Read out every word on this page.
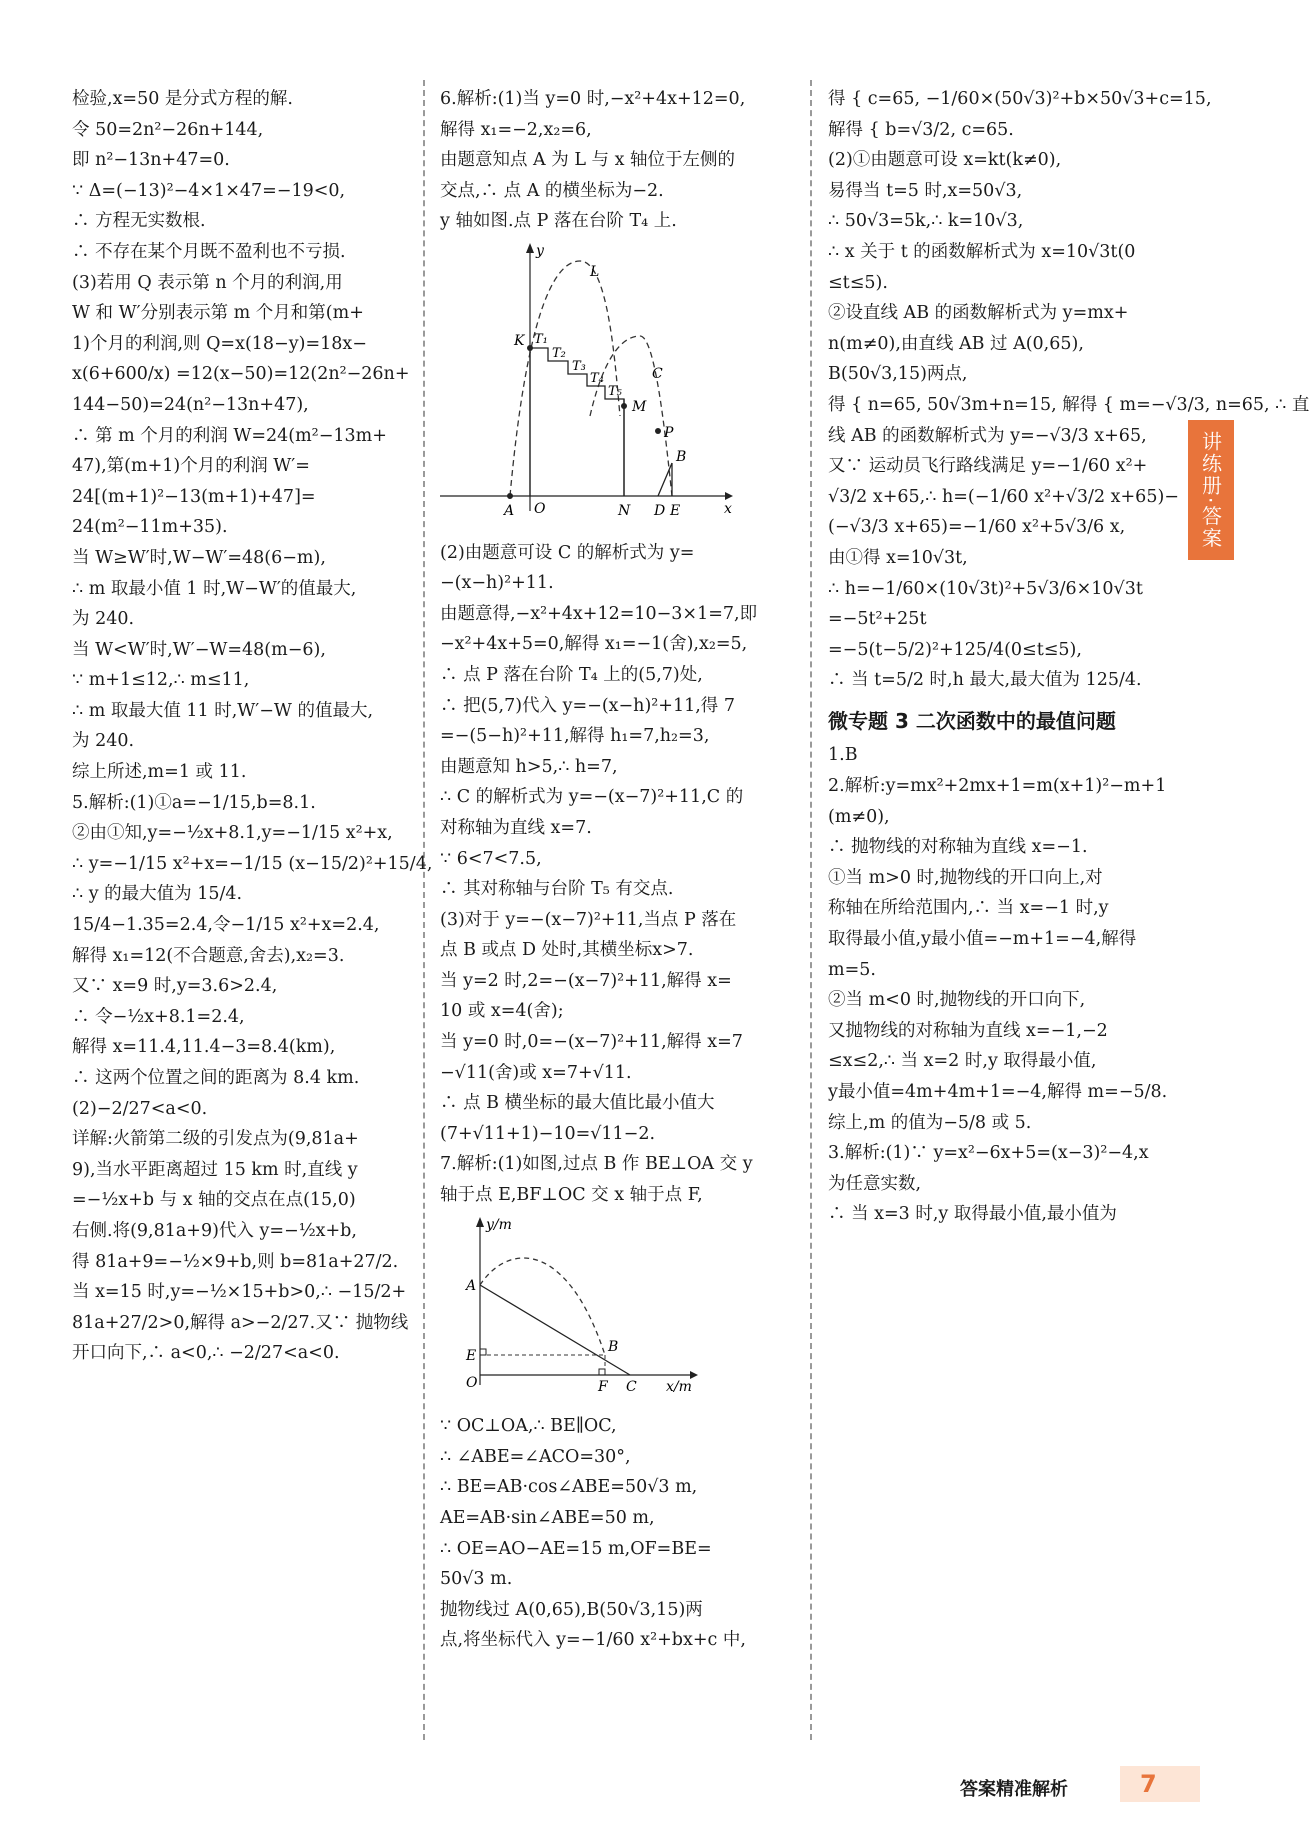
检验,x=50 是分式方程的解.
令 50=2n²−26n+144,
即 n²−13n+47=0.
∵ Δ=(−13)²−4×1×47=−19<0,
∴ 方程无实数根.
∴ 不存在某个月既不盈利也不亏损.
(3)若用 Q 表示第 n 个月的利润,用
W 和 W′分别表示第 m 个月和第(m+
1)个月的利润,则 Q=x(18−y)=18x−
x(6+600/x) =12(x−50)=12(2n²−26n+
144−50)=24(n²−13n+47),
∴ 第 m 个月的利润 W=24(m²−13m+
47),第(m+1)个月的利润 W′=
24[(m+1)²−13(m+1)+47]=
24(m²−11m+35).
当 W≥W′时,W−W′=48(6−m),
∴ m 取最小值 1 时,W−W′的值最大,
为 240.
当 W<W′时,W′−W=48(m−6),
∵ m+1≤12,∴ m≤11,
∴ m 取最大值 11 时,W′−W 的值最大,
为 240.
综上所述,m=1 或 11.
5.解析:(1)①a=−1/15,b=8.1.
②由①知,y=−½x+8.1,y=−1/15 x²+x,
∴ y=−1/15 x²+x=−1/15 (x−15/2)²+15/4,
∴ y 的最大值为 15/4.
15/4−1.35=2.4,令−1/15 x²+x=2.4,
解得 x₁=12(不合题意,舍去),x₂=3.
又∵ x=9 时,y=3.6>2.4,
∴ 令−½x+8.1=2.4,
解得 x=11.4,11.4−3=8.4(km),
∴ 这两个位置之间的距离为 8.4 km.
(2)−2/27<a<0.
详解:火箭第二级的引发点为(9,81a+
9),当水平距离超过 15 km 时,直线 y
=−½x+b 与 x 轴的交点在点(15,0)
右侧.将(9,81a+9)代入 y=−½x+b,
得 81a+9=−½×9+b,则 b=81a+27/2.
当 x=15 时,y=−½×15+b>0,∴ −15/2+
81a+27/2>0,解得 a>−2/27.又∵ 抛物线
开口向下,∴ a<0,∴ −2/27<a<0.
6.解析:(1)当 y=0 时,−x²+4x+12=0,
解得 x₁=−2,x₂=6,
由题意知点 A 为 L 与 x 轴位于左侧的
交点,∴ 点 A 的横坐标为−2.
y 轴如图.点 P 落在台阶 T₄ 上.
y
L
K T₁
T₂
T₃
T₄
T₅
C
M
P
B
A O	N D E	x
(2)由题意可设 C 的解析式为 y=
−(x−h)²+11.
由题意得,−x²+4x+12=10−3×1=7,即
−x²+4x+5=0,解得 x₁=−1(舍),x₂=5,
∴ 点 P 落在台阶 T₄ 上的(5,7)处,
∴ 把(5,7)代入 y=−(x−h)²+11,得 7
=−(5−h)²+11,解得 h₁=7,h₂=3,
由题意知 h>5,∴ h=7,
∴ C 的解析式为 y=−(x−7)²+11,C 的
对称轴为直线 x=7.
∵ 6<7<7.5,
∴ 其对称轴与台阶 T₅ 有交点.
(3)对于 y=−(x−7)²+11,当点 P 落在
点 B 或点 D 处时,其横坐标x>7.
当 y=2 时,2=−(x−7)²+11,解得 x=
10 或 x=4(舍);
当 y=0 时,0=−(x−7)²+11,解得 x=7
−√11(舍)或 x=7+√11.
∴ 点 B 横坐标的最大值比最小值大
(7+√11+1)−10=√11−2.
7.解析:(1)如图,过点 B 作 BE⊥OA 交 y
轴于点 E,BF⊥OC 交 x 轴于点 F,
y/m
A
E
O
B
F C x/m
∵ OC⊥OA,∴ BE∥OC,
∴ ∠ABE=∠ACO=30°,
∴ BE=AB·cos∠ABE=50√3 m,
AE=AB·sin∠ABE=50 m,
∴ OE=AO−AE=15 m,OF=BE=
50√3 m.
抛物线过 A(0,65),B(50√3,15)两
点,将坐标代入 y=−1/60 x²+bx+c 中,
得 { c=65, −1/60×(50√3)²+b×50√3+c=15,
解得 { b=√3/2, c=65.
(2)①由题意可设 x=kt(k≠0),
易得当 t=5 时,x=50√3,
∴ 50√3=5k,∴ k=10√3,
∴ x 关于 t 的函数解析式为 x=10√3t(0
≤t≤5).
②设直线 AB 的函数解析式为 y=mx+
n(m≠0),由直线 AB 过 A(0,65),
B(50√3,15)两点,
得 { n=65, 50√3m+n=15, 解得 { m=−√3/3, n=65, ∴ 直
线 AB 的函数解析式为 y=−√3/3 x+65,
又∵ 运动员飞行路线满足 y=−1/60 x²+
√3/2 x+65,∴ h=(−1/60 x²+√3/2 x+65)−
(−√3/3 x+65)=−1/60 x²+5√3/6 x,
由①得 x=10√3t,
∴ h=−1/60×(10√3t)²+5√3/6×10√3t
=−5t²+25t
=−5(t−5/2)²+125/4(0≤t≤5),
∴ 当 t=5/2 时,h 最大,最大值为 125/4.
微专题 3 二次函数中的最值问题
1.B
2.解析:y=mx²+2mx+1=m(x+1)²−m+1
(m≠0),
∴ 抛物线的对称轴为直线 x=−1.
①当 m>0 时,抛物线的开口向上,对
称轴在所给范围内,∴ 当 x=−1 时,y
取得最小值,y最小值=−m+1=−4,解得
m=5.
②当 m<0 时,抛物线的开口向下,
又抛物线的对称轴为直线 x=−1,−2
≤x≤2,∴ 当 x=2 时,y 取得最小值,
y最小值=4m+4m+1=−4,解得 m=−5/8.
综上,m 的值为−5/8 或 5.
3.解析:(1)∵ y=x²−6x+5=(x−3)²−4,x
为任意实数,
∴ 当 x=3 时,y 取得最小值,最小值为
讲练册·答案
答案精准解析	7
